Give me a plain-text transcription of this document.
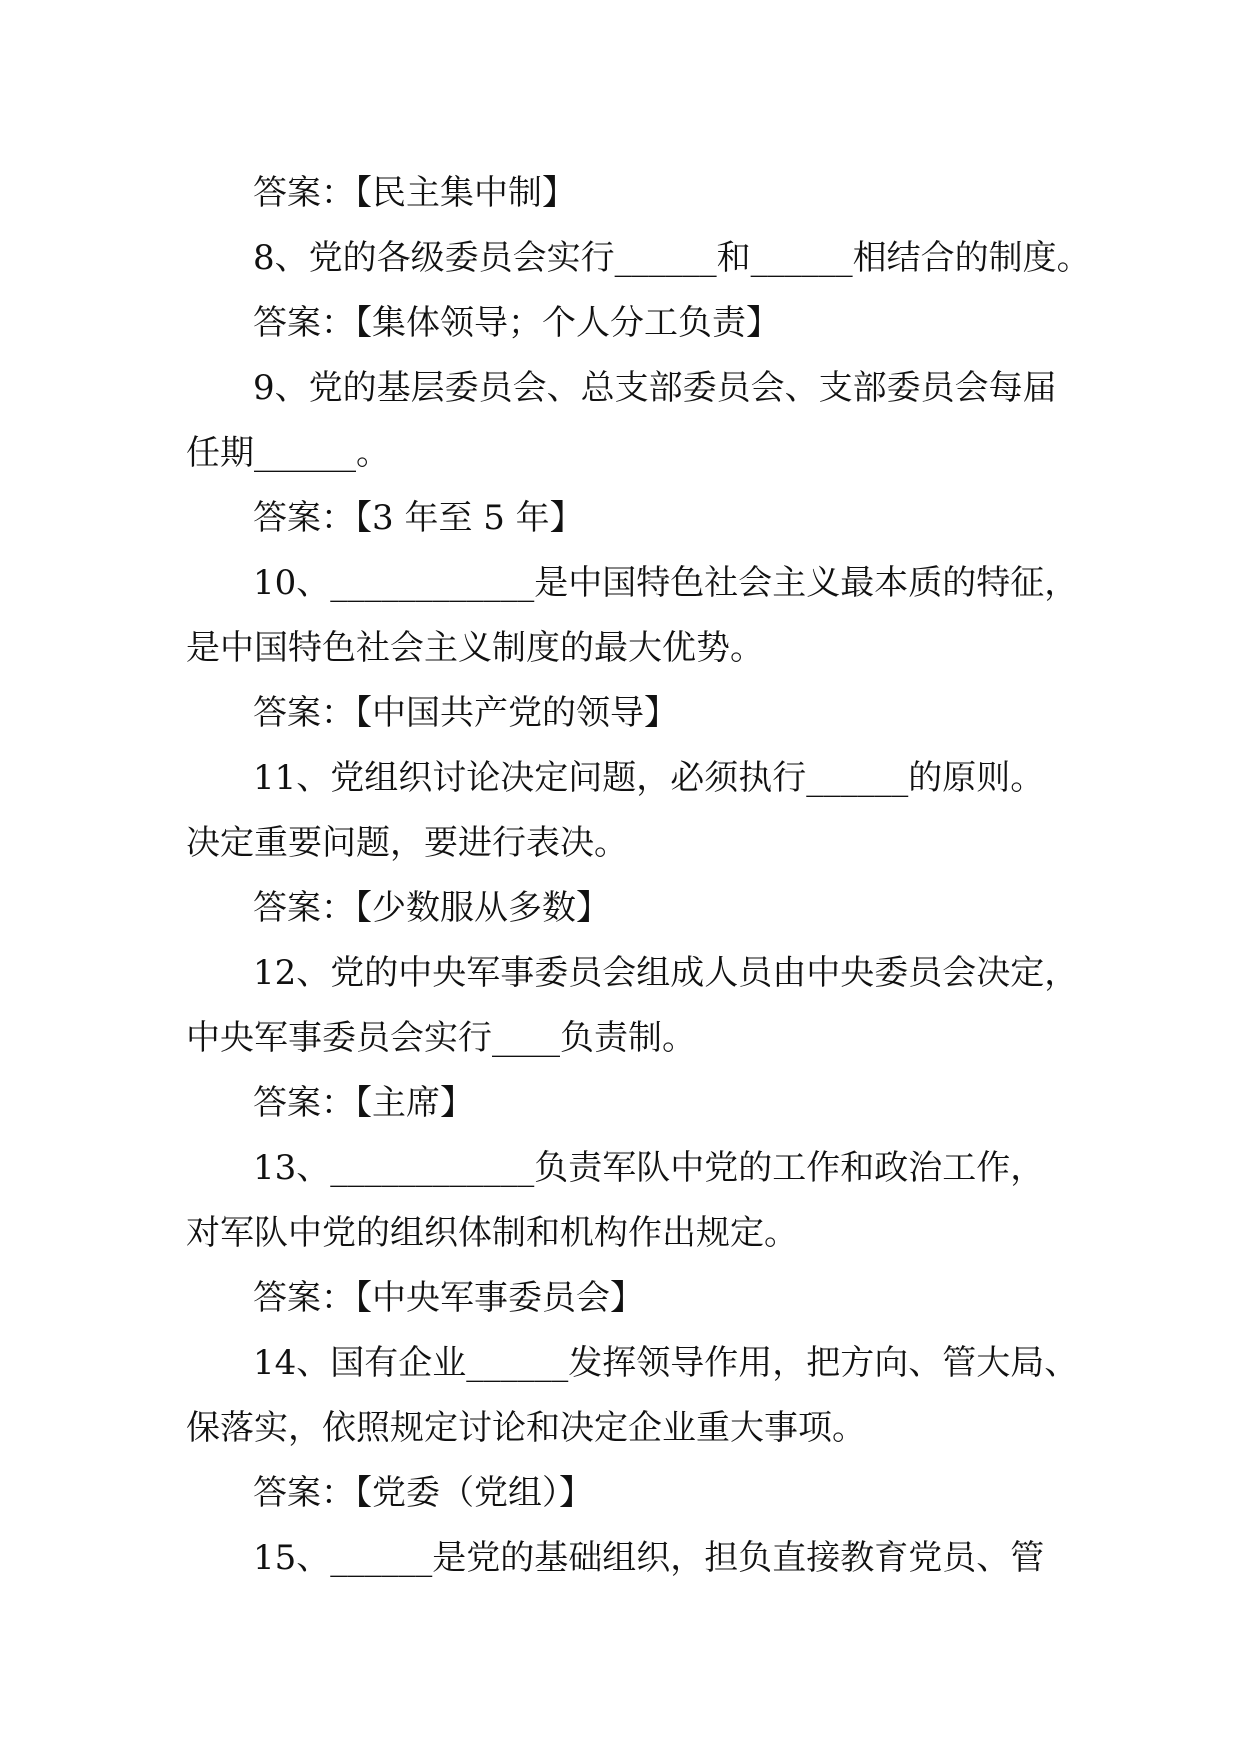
答案：【民主集中制】
8、党的各级委员会实行______和______相结合的制度。
答案：【集体领导；个人分工负责】
9、党的基层委员会、总支部委员会、支部委员会每届
任期______。
答案：【3 年至 5 年】
10、____________是中国特色社会主义最本质的特征，
是中国特色社会主义制度的最大优势。
答案：【中国共产党的领导】
11、党组织讨论决定问题，必须执行______的原则。
决定重要问题，要进行表决。
答案：【少数服从多数】
12、党的中央军事委员会组成人员由中央委员会决定，
中央军事委员会实行____负责制。
答案：【主席】
13、____________负责军队中党的工作和政治工作，
对军队中党的组织体制和机构作出规定。
答案：【中央军事委员会】
14、国有企业______发挥领导作用，把方向、管大局、
保落实，依照规定讨论和决定企业重大事项。
答案：【党委（党组）】
15、______是党的基础组织，担负直接教育党员、管
